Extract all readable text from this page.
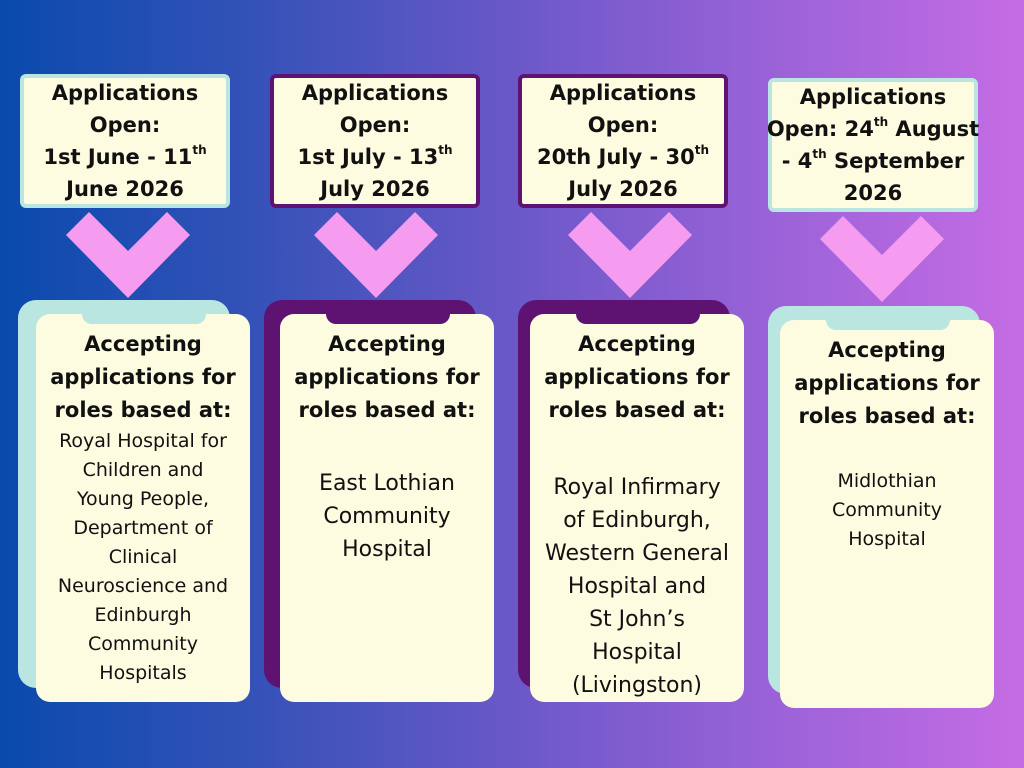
Applications
Open:
1st June - 11th
June 2026
Accepting
applications for
roles based at:
Royal Hospital for
Children and
Young People,
Department of
Clinical
Neuroscience and
Edinburgh
Community
Hospitals
Applications
Open:
1st July - 13th
July 2026
Accepting
applications for
roles based at:
East Lothian
Community
Hospital
Applications
Open:
20th July - 30th
July 2026
Accepting
applications for
roles based at:
Royal Infirmary
of Edinburgh,
Western General
Hospital and
St John’s
Hospital
(Livingston)
Applications
Open: 24th August
- 4th September
2026
Accepting
applications for
roles based at:
Midlothian
Community
Hospital
